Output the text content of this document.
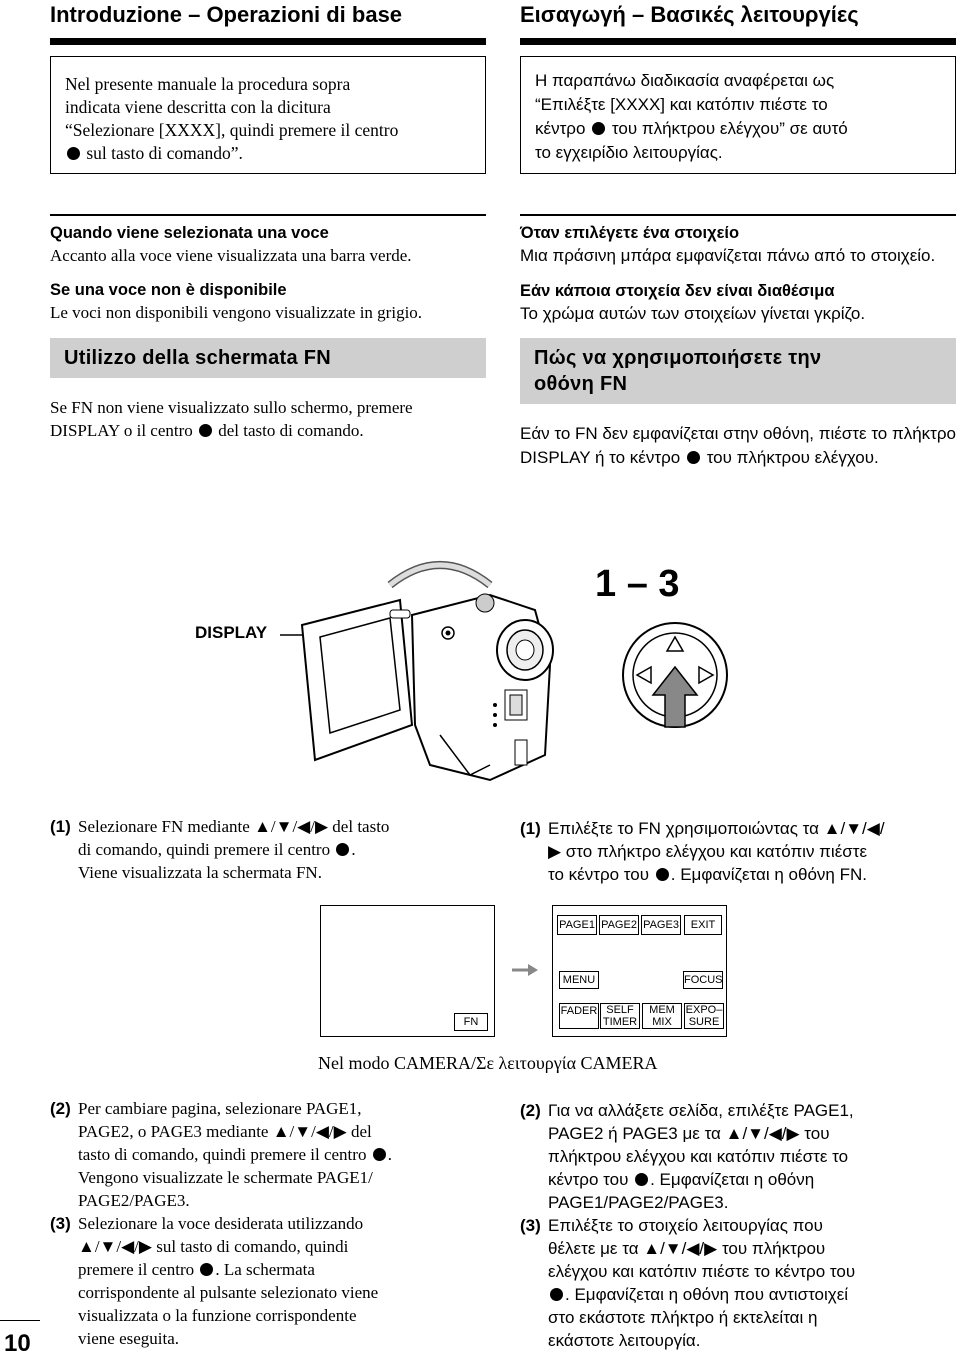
Introduzione – Operazioni di base
Nel presente manuale la procedura sopra
indicata viene descritta con la dicitura
“Selezionare [XXXX], quindi premere il centro
sul tasto di comando”.
Quando viene selezionata una voce
Accanto alla voce viene visualizzata una barra verde.
Se una voce non è disponibile
Le voci non disponibili vengono visualizzate in grigio.
Utilizzo della schermata FN
Se FN non viene visualizzato sullo schermo, premere DISPLAY o il centro del tasto di comando.
Εισαγωγή – Βασικές λειτουργίες
Η παραπάνω διαδικασία αναφέρεται ως
“Επιλέξτε [XXXX] και κατόπιν πιέστε το
κέντρο του πλήκτρου ελέγχου” σε αυτό
το εγχειρίδιο λειτουργίας.
Όταν επιλέγετε ένα στοιχείο
Μια πράσινη μπάρα εμφανίζεται πάνω από το στοιχείο.
Εάν κάποια στοιχεία δεν είναι διαθέσιμα
Το χρώμα αυτών των στοιχείων γίνεται γκρίζο.
Πώς να χρησιμοποιήσετε την
οθόνη FN
Εάν το FN δεν εμφανίζεται στην οθόνη, πιέστε το πλήκτρο DISPLAY ή το κέντρο του πλήκτρου ελέγχου.
DISPLAY
1 – 3
(1) Selezionare FN mediante ▲/▼/◀/▶ del tasto
di comando, quindi premere il centro .
Viene visualizzata la schermata FN.
(1) Επιλέξτε το FN χρησιμοποιώντας τα ▲/▼/◀/
▶ στο πλήκτρο ελέγχου και κατόπιν πιέστε
το κέντρο του . Εμφανίζεται η οθόνη FN.
FN
PAGE1 PAGE2 PAGE3	EXIT
MENU	FOCUS
FADER SELF
TIMER
MEM
MIX
EXPO–
SURE
Nel modo CAMERA/Σε λειτουργία CAMERA
(2) Per cambiare pagina, selezionare PAGE1,
PAGE2, o PAGE3 mediante ▲/▼/◀/▶ del
tasto di comando, quindi premere il centro .
Vengono visualizzate le schermate PAGE1/
PAGE2/PAGE3.
(3) Selezionare la voce desiderata utilizzando
▲/▼/◀/▶ sul tasto di comando, quindi
premere il centro . La schermata
corrispondente al pulsante selezionato viene
visualizzata o la funzione corrispondente
viene eseguita.
(2) Για να αλλάξετε σελίδα, επιλέξτε PAGE1,
PAGE2 ή PAGE3 με τα ▲/▼/◀/▶ του
πλήκτρου ελέγχου και κατόπιν πιέστε το
κέντρο του . Εμφανίζεται η οθόνη
PAGE1/PAGE2/PAGE3.
(3) Επιλέξτε το στοιχείο λειτουργίας που
θέλετε με τα ▲/▼/◀/▶ του πλήκτρου
ελέγχου και κατόπιν πιέστε το κέντρο του
. Εμφανίζεται η οθόνη που αντιστοιχεί
στο εκάστοτε πλήκτρο ή εκτελείται η
εκάστοτε λειτουργία.
10
